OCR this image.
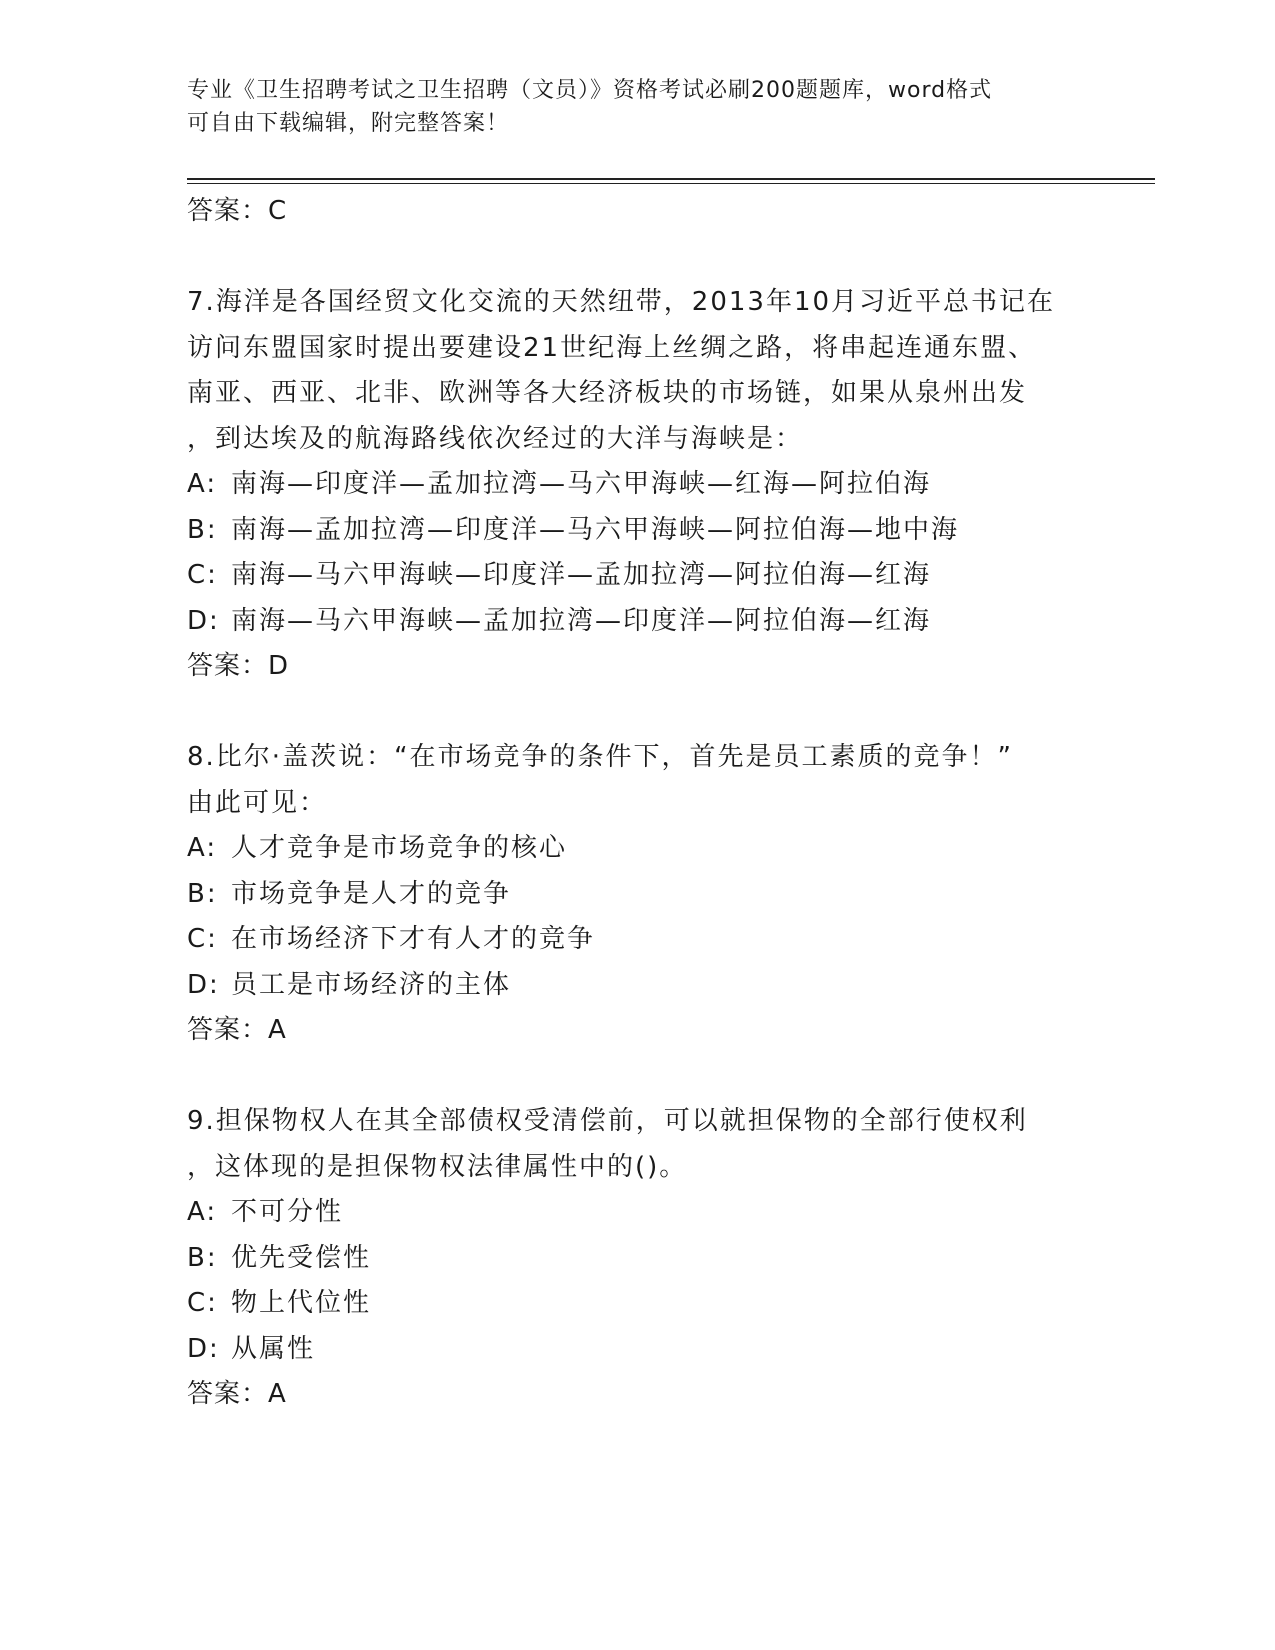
专业《卫生招聘考试之卫生招聘（文员）》资格考试必刷200题题库，word格式
可自由下载编辑，附完整答案！
答案：C
7.海洋是各国经贸文化交流的天然纽带，2013年10月习近平总书记在
访问东盟国家时提出要建设21世纪海上丝绸之路，将串起连通东盟、
南亚、西亚、北非、欧洲等各大经济板块的市场链，如果从泉州出发
，到达埃及的航海路线依次经过的大洋与海峡是：
A: 南海—印度洋—孟加拉湾—马六甲海峡—红海—阿拉伯海
B: 南海—孟加拉湾—印度洋—马六甲海峡—阿拉伯海—地中海
C: 南海—马六甲海峡—印度洋—孟加拉湾—阿拉伯海—红海
D: 南海—马六甲海峡—孟加拉湾—印度洋—阿拉伯海—红海
答案：D
8.比尔·盖茨说：“在市场竞争的条件下，首先是员工素质的竞争！”
由此可见：
A: 人才竞争是市场竞争的核心
B: 市场竞争是人才的竞争
C: 在市场经济下才有人才的竞争
D: 员工是市场经济的主体
答案：A
9.担保物权人在其全部债权受清偿前，可以就担保物的全部行使权利
，这体现的是担保物权法律属性中的()。
A: 不可分性
B: 优先受偿性
C: 物上代位性
D: 从属性
答案：A
